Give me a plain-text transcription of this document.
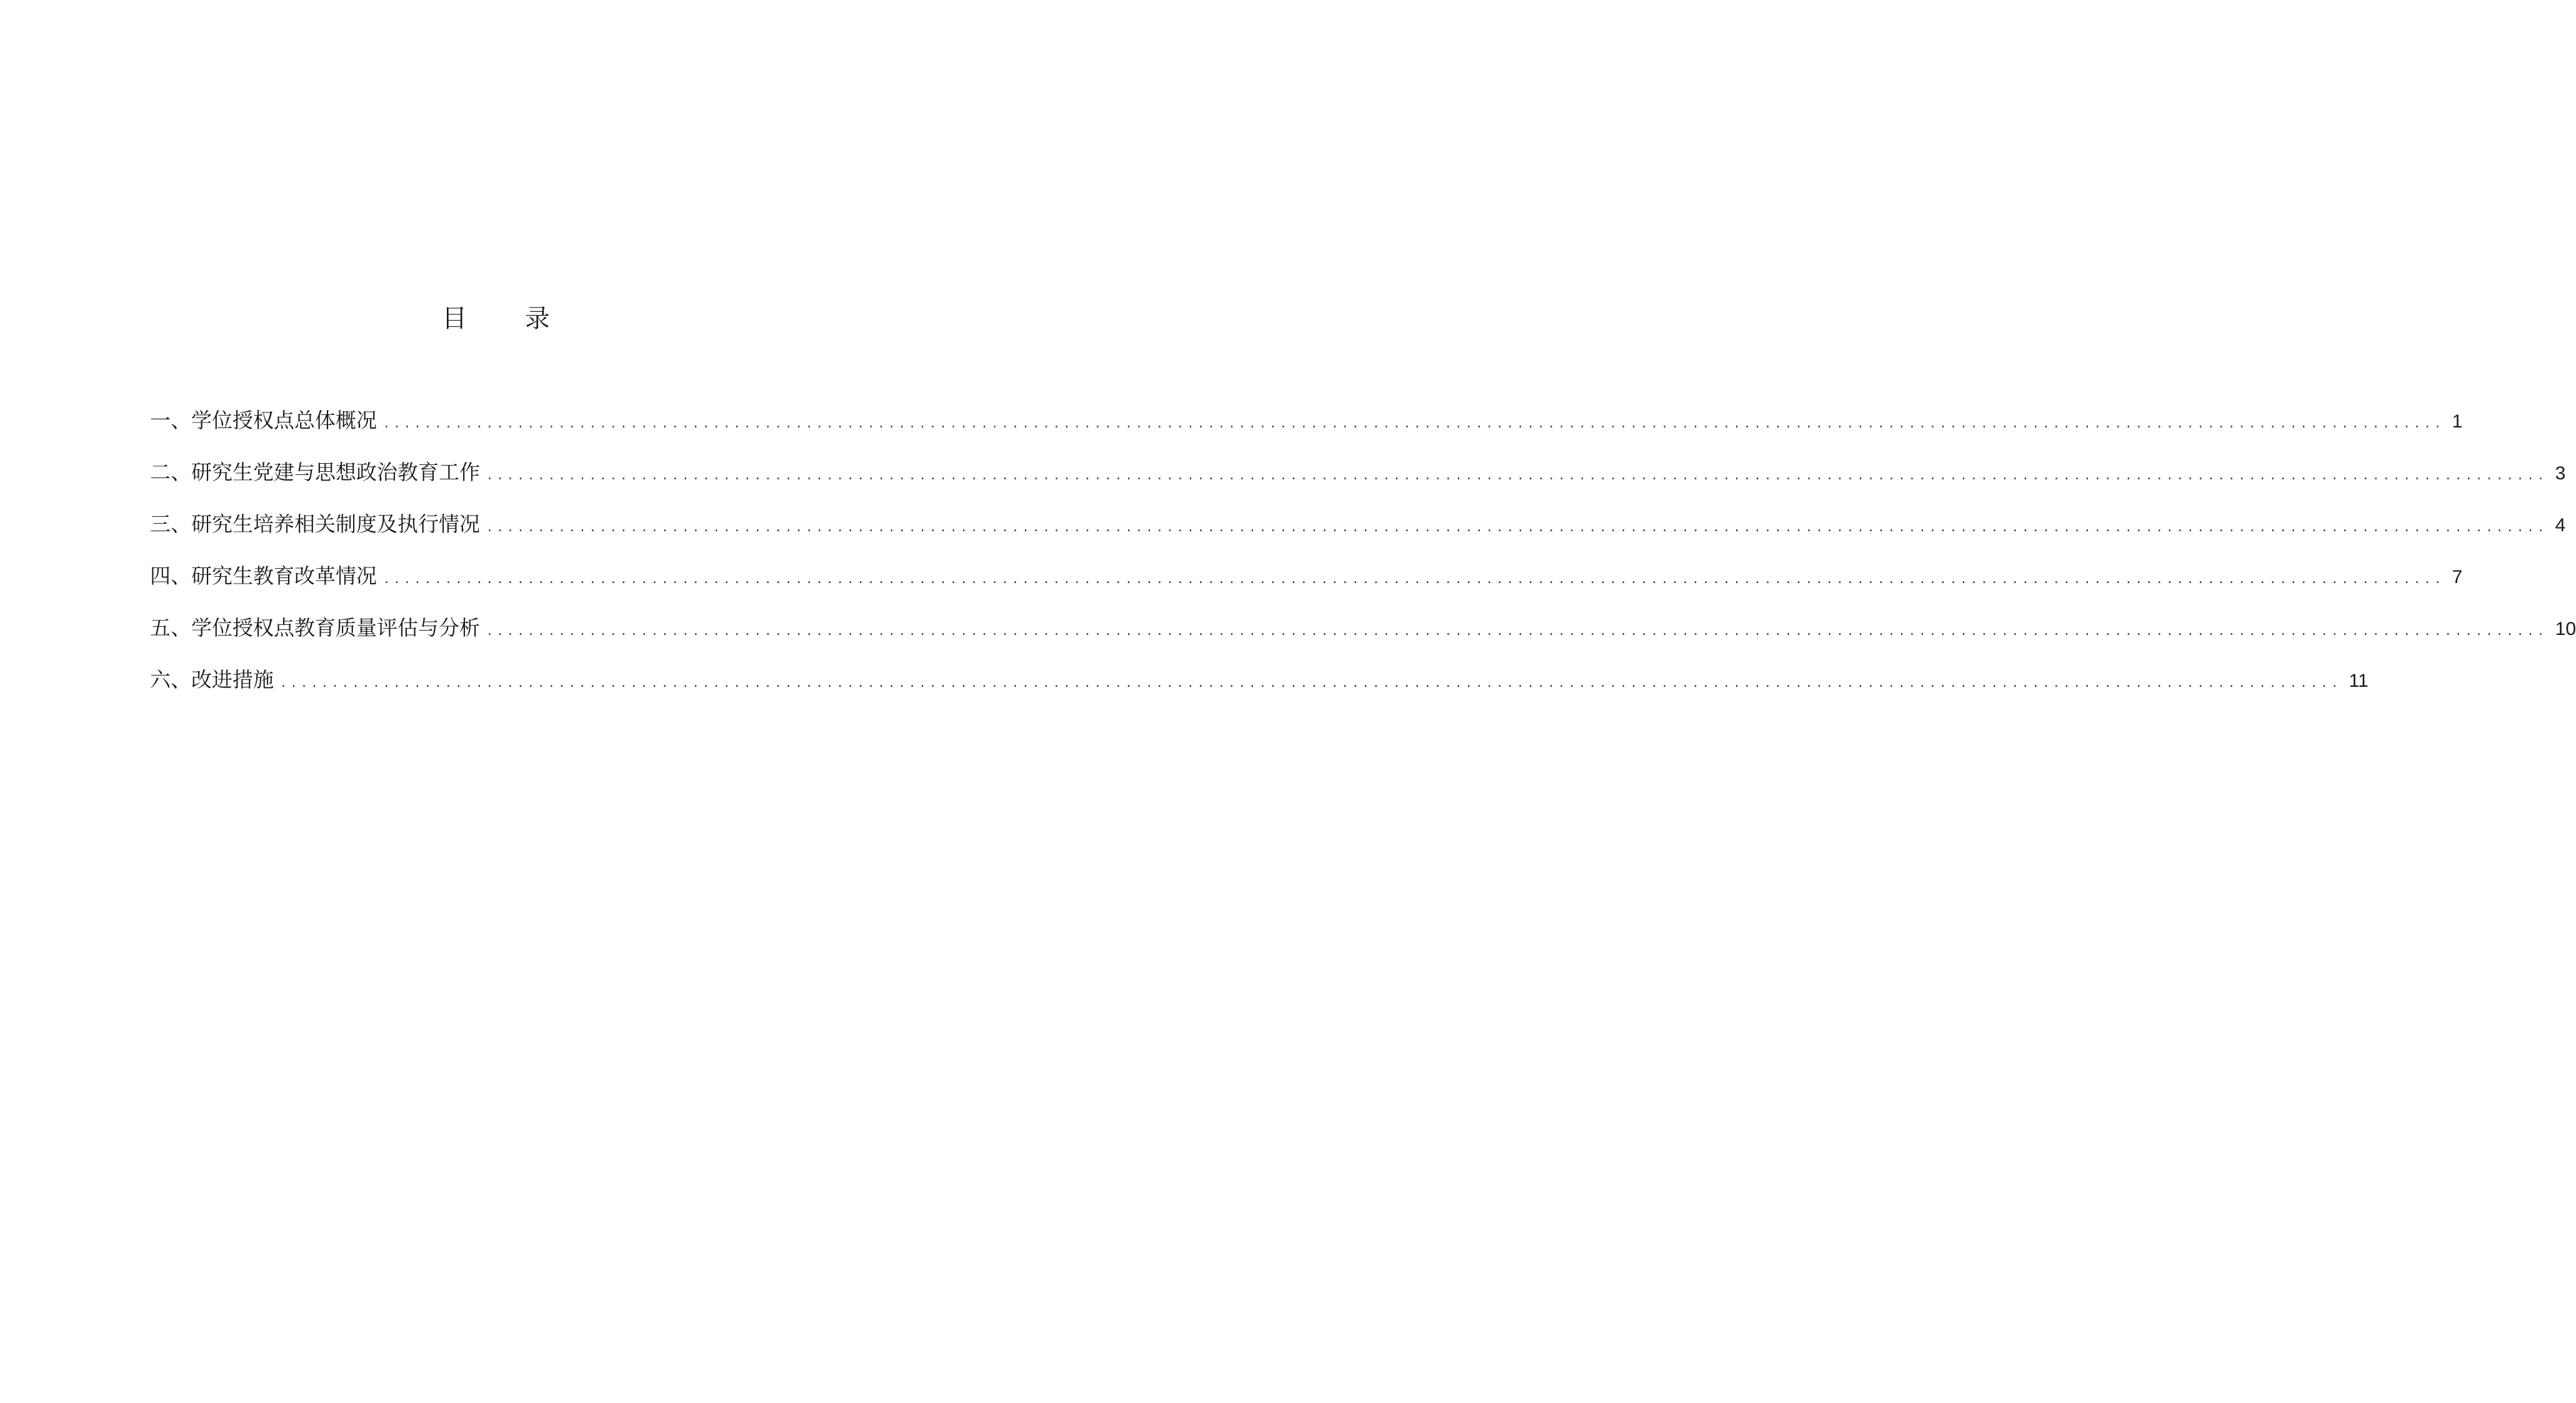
目 录
一、学位授权点总体概况 ........................................................................................................................................................................................................ 1
二、研究生党建与思想政治教育工作 ........................................................................................................................................................................................................ 3
三、研究生培养相关制度及执行情况 ........................................................................................................................................................................................................ 4
四、研究生教育改革情况 ........................................................................................................................................................................................................ 7
五、学位授权点教育质量评估与分析 ........................................................................................................................................................................................................ 10
六、改进措施 ........................................................................................................................................................................................................ 11
